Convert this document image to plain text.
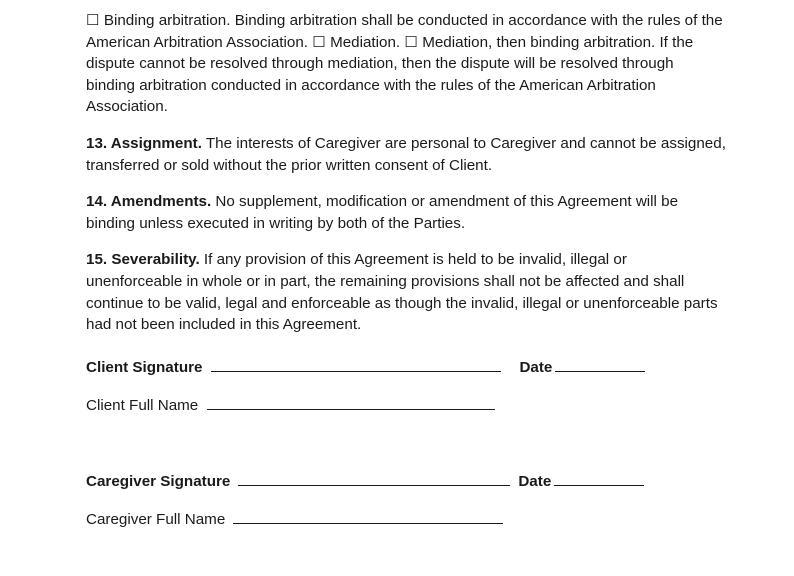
☐ Binding arbitration. Binding arbitration shall be conducted in accordance with the rules of the American Arbitration Association. ☐ Mediation. ☐ Mediation, then binding arbitration. If the dispute cannot be resolved through mediation, then the dispute will be resolved through binding arbitration conducted in accordance with the rules of the American Arbitration Association.

13. Assignment. The interests of Caregiver are personal to Caregiver and cannot be assigned, transferred or sold without the prior written consent of Client.

14. Amendments. No supplement, modification or amendment of this Agreement will be binding unless executed in writing by both of the Parties.

15. Severability. If any provision of this Agreement is held to be invalid, illegal or unenforceable in whole or in part, the remaining provisions shall not be affected and shall continue to be valid, legal and enforceable as though the invalid, illegal or unenforceable parts had not been included in this Agreement.

Client Signature	Date
Client Full Name
Caregiver Signature	Date
Caregiver Full Name
